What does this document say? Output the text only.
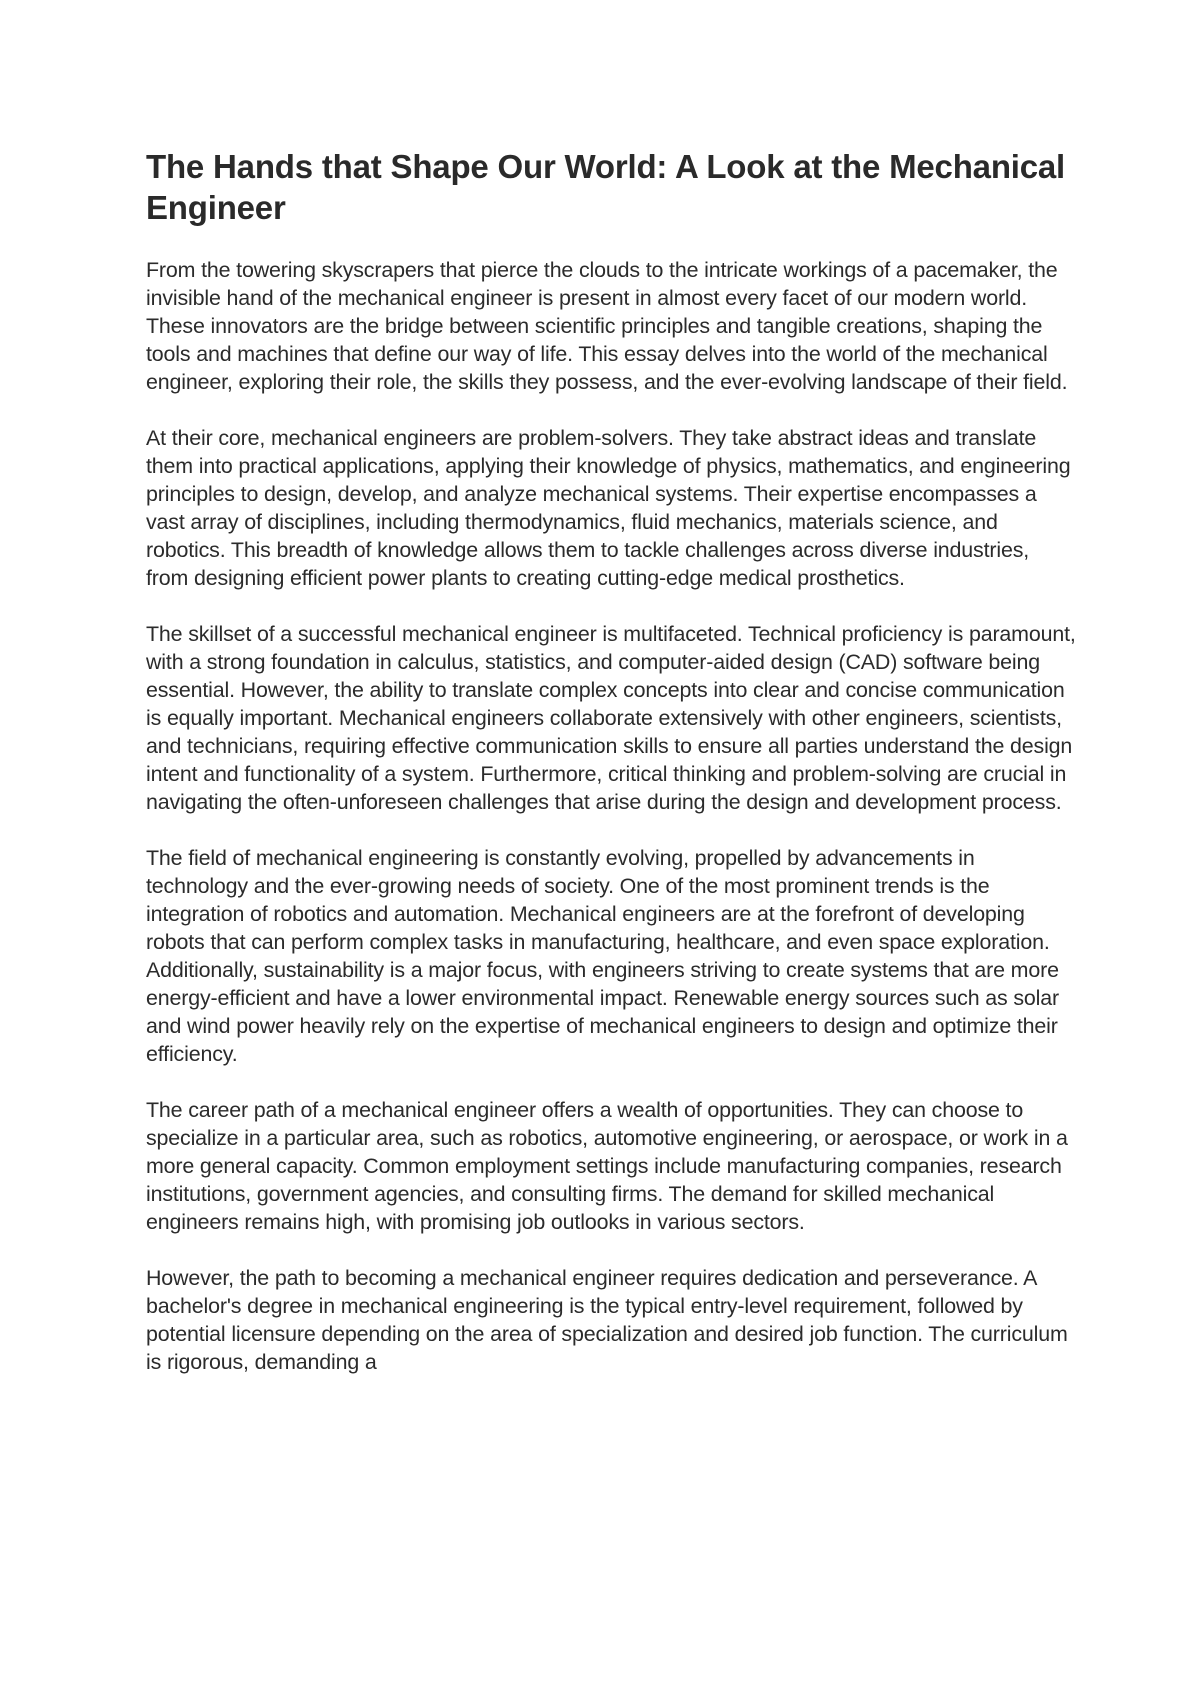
The Hands that Shape Our World: A Look at the Mechanical Engineer

From the towering skyscrapers that pierce the clouds to the intricate workings of a pacemaker, the invisible hand of the mechanical engineer is present in almost every facet of our modern world. These innovators are the bridge between scientific principles and tangible creations, shaping the tools and machines that define our way of life. This essay delves into the world of the mechanical engineer, exploring their role, the skills they possess, and the ever-evolving landscape of their field.

At their core, mechanical engineers are problem-solvers. They take abstract ideas and translate them into practical applications, applying their knowledge of physics, mathematics, and engineering principles to design, develop, and analyze mechanical systems. Their expertise encompasses a vast array of disciplines, including thermodynamics, fluid mechanics, materials science, and robotics. This breadth of knowledge allows them to tackle challenges across diverse industries, from designing efficient power plants to creating cutting-edge medical prosthetics.

The skillset of a successful mechanical engineer is multifaceted. Technical proficiency is paramount, with a strong foundation in calculus, statistics, and computer-aided design (CAD) software being essential. However, the ability to translate complex concepts into clear and concise communication is equally important. Mechanical engineers collaborate extensively with other engineers, scientists, and technicians, requiring effective communication skills to ensure all parties understand the design intent and functionality of a system. Furthermore, critical thinking and problem-solving are crucial in navigating the often-unforeseen challenges that arise during the design and development process.

The field of mechanical engineering is constantly evolving, propelled by advancements in technology and the ever-growing needs of society. One of the most prominent trends is the integration of robotics and automation. Mechanical engineers are at the forefront of developing robots that can perform complex tasks in manufacturing, healthcare, and even space exploration. Additionally, sustainability is a major focus, with engineers striving to create systems that are more energy-efficient and have a lower environmental impact. Renewable energy sources such as solar and wind power heavily rely on the expertise of mechanical engineers to design and optimize their efficiency.

The career path of a mechanical engineer offers a wealth of opportunities. They can choose to specialize in a particular area, such as robotics, automotive engineering, or aerospace, or work in a more general capacity. Common employment settings include manufacturing companies, research institutions, government agencies, and consulting firms. The demand for skilled mechanical engineers remains high, with promising job outlooks in various sectors.

However, the path to becoming a mechanical engineer requires dedication and perseverance. A bachelor's degree in mechanical engineering is the typical entry-level requirement, followed by potential licensure depending on the area of specialization and desired job function. The curriculum is rigorous, demanding a
